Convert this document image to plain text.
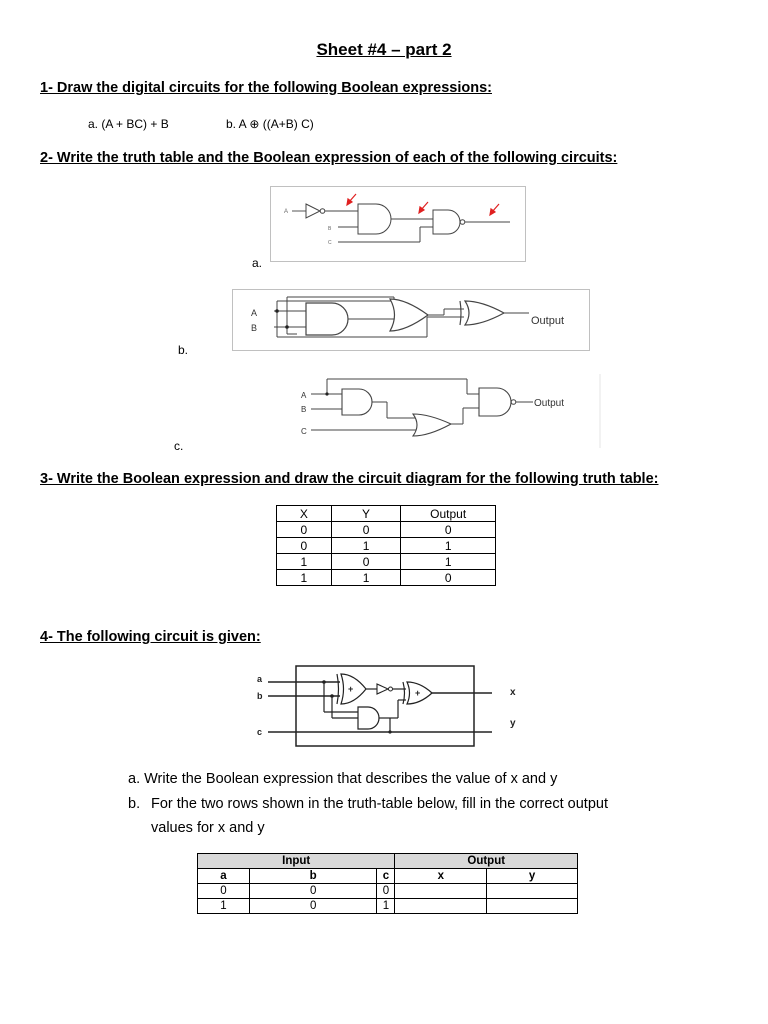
Sheet #4 – part 2
1- Draw the digital circuits for the following Boolean expressions:
a. (A + BC) + B	b. A ⊕ ((A+B) C)
2- Write the truth table and the Boolean expression of each of the following circuits:
A
B
C
a.
A
B
Output
b.
A
B
C
Output
c.
3- Write the Boolean expression and draw the circuit diagram for the following truth table:
X	Y	Output
0	0	0
0	1	1
1	0	1
1	1	0
4- The following circuit is given:
a
b
c
+	+	x
y
a. Write the Boolean expression that describes the value of x and y
b. For the two rows shown in the truth-table below, fill in the correct output
values for x and y
Input			Output	
a	b	c	x	y
0	0	0		
1	0	1		
